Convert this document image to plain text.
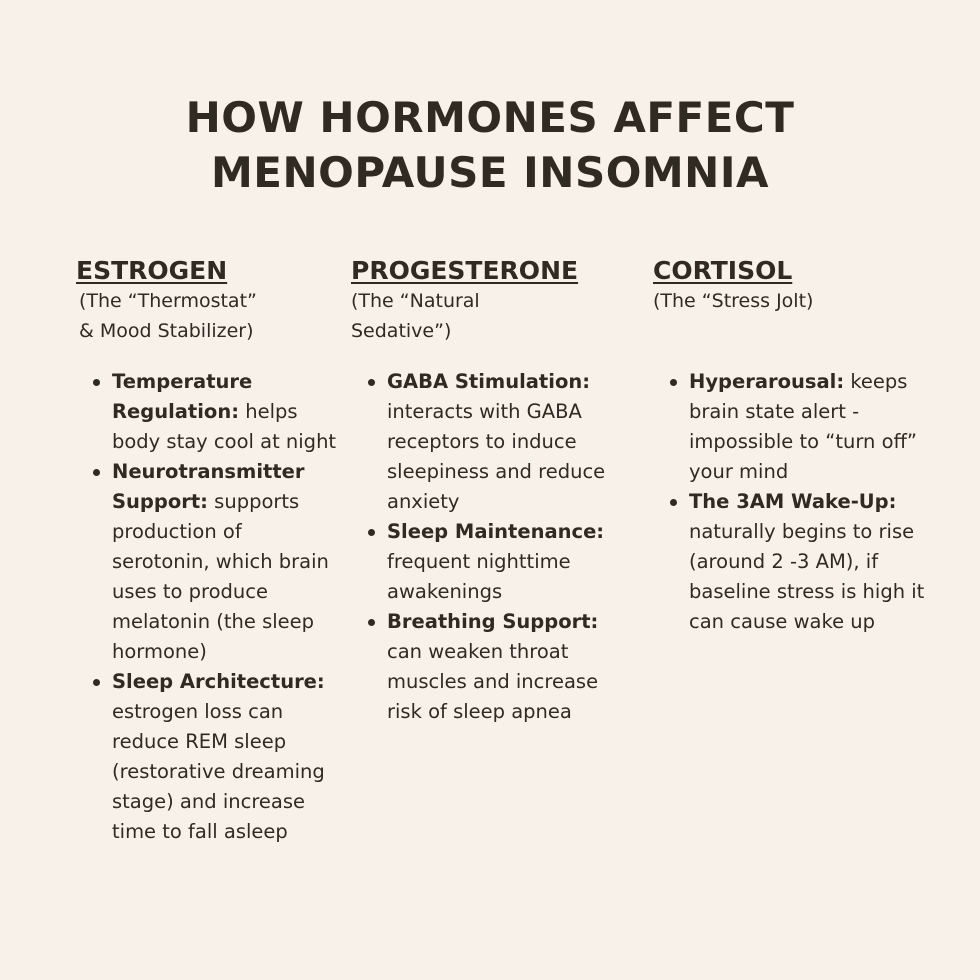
HOW HORMONES AFFECT
MENOPAUSE INSOMNIA
ESTROGEN

(The “Thermostat”
& Mood Stabilizer)

Temperature Regulation: helps body stay cool at night
Neurotransmitter Support: supports production of serotonin, which brain uses to produce melatonin (the sleep hormone)
Sleep Architecture: estrogen loss can reduce REM sleep (restorative dreaming stage) and increase time to fall asleep
PROGESTERONE

(The “Natural
Sedative”)

GABA Stimulation: interacts with GABA receptors to induce sleepiness and reduce anxiety
Sleep Maintenance: frequent nighttime awakenings
Breathing Support: can weaken throat muscles and increase risk of sleep apnea
CORTISOL

(The “Stress Jolt)

Hyperarousal: keeps brain state alert - impossible to “turn off” your mind
The 3AM Wake-Up: naturally begins to rise (around 2 -3 AM), if baseline stress is high it can cause wake up
